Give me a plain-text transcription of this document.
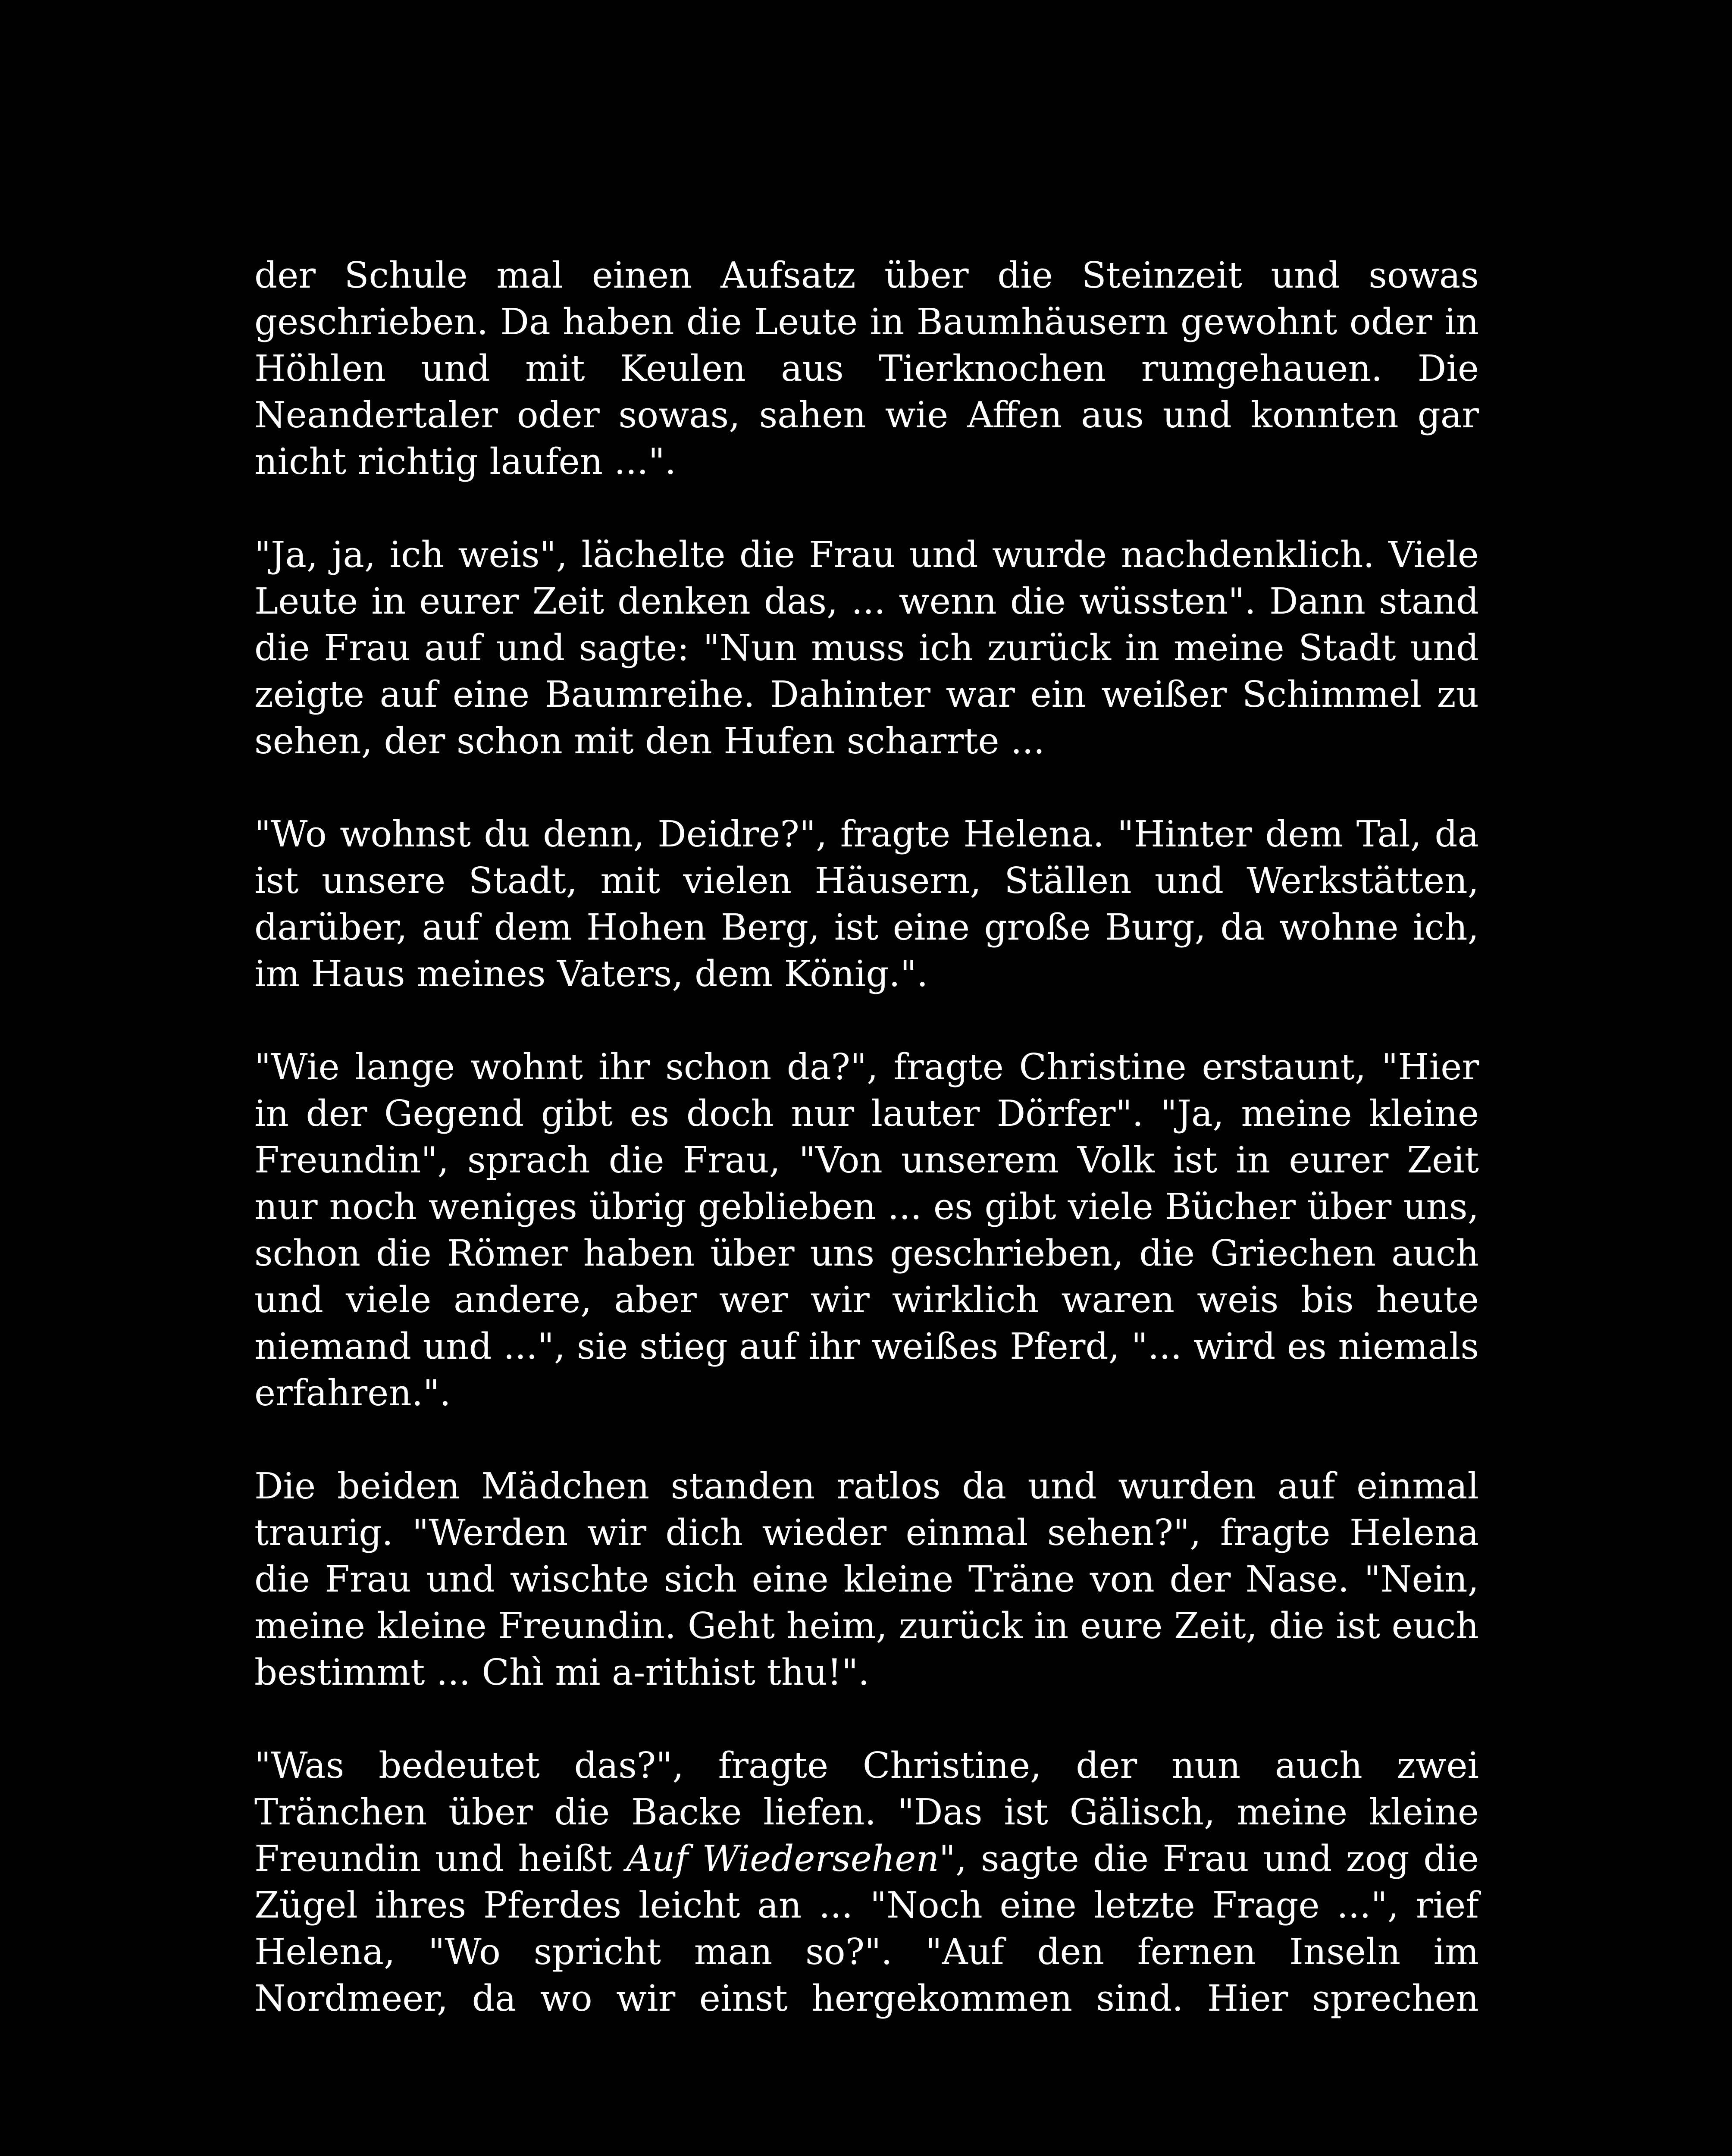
der Schule mal einen Aufsatz über die Steinzeit und sowas geschrieben. Da haben die Leute in Baumhäusern gewohnt oder in Höhlen und mit Keulen aus Tierknochen rumgehauen. Die Neandertaler oder sowas, sahen wie Affen aus und konnten gar nicht richtig laufen ...".

"Ja, ja, ich weis", lächelte die Frau und wurde nachdenklich. Viele Leute in eurer Zeit denken das, ... wenn die wüssten". Dann stand die Frau auf und sagte: "Nun muss ich zurück in meine Stadt und zeigte auf eine Baumreihe. Dahinter war ein weißer Schimmel zu sehen, der schon mit den Hufen scharrte ...

"Wo wohnst du denn, Deidre?", fragte Helena. "Hinter dem Tal, da ist unsere Stadt, mit vielen Häusern, Ställen und Werkstätten, darüber, auf dem Hohen Berg, ist eine große Burg, da wohne ich, im Haus meines Vaters, dem König.".

"Wie lange wohnt ihr schon da?", fragte Christine erstaunt, "Hier in der Gegend gibt es doch nur lauter Dörfer". "Ja, meine kleine Freundin", sprach die Frau, "Von unserem Volk ist in eurer Zeit nur noch weniges übrig geblieben ... es gibt viele Bücher über uns, schon die Römer haben über uns geschrieben, die Griechen auch und viele andere, aber wer wir wirklich waren weis bis heute niemand und ...", sie stieg auf ihr weißes Pferd, "... wird es niemals erfahren.".

Die beiden Mädchen standen ratlos da und wurden auf einmal traurig. "Werden wir dich wieder einmal sehen?", fragte Helena die Frau und wischte sich eine kleine Träne von der Nase. "Nein, meine kleine Freundin. Geht heim, zurück in eure Zeit, die ist euch bestimmt ... Chì mi a-rithist thu!".

"Was bedeutet das?", fragte Christine, der nun auch zwei Tränchen über die Backe liefen. "Das ist Gälisch, meine kleine Freundin und heißt Auf Wiedersehen", sagte die Frau und zog die Zügel ihres Pferdes leicht an ... "Noch eine letzte Frage ...", rief Helena, "Wo spricht man so?". "Auf den fernen Inseln im Nordmeer, da wo wir einst hergekommen sind. Hier sprechen
